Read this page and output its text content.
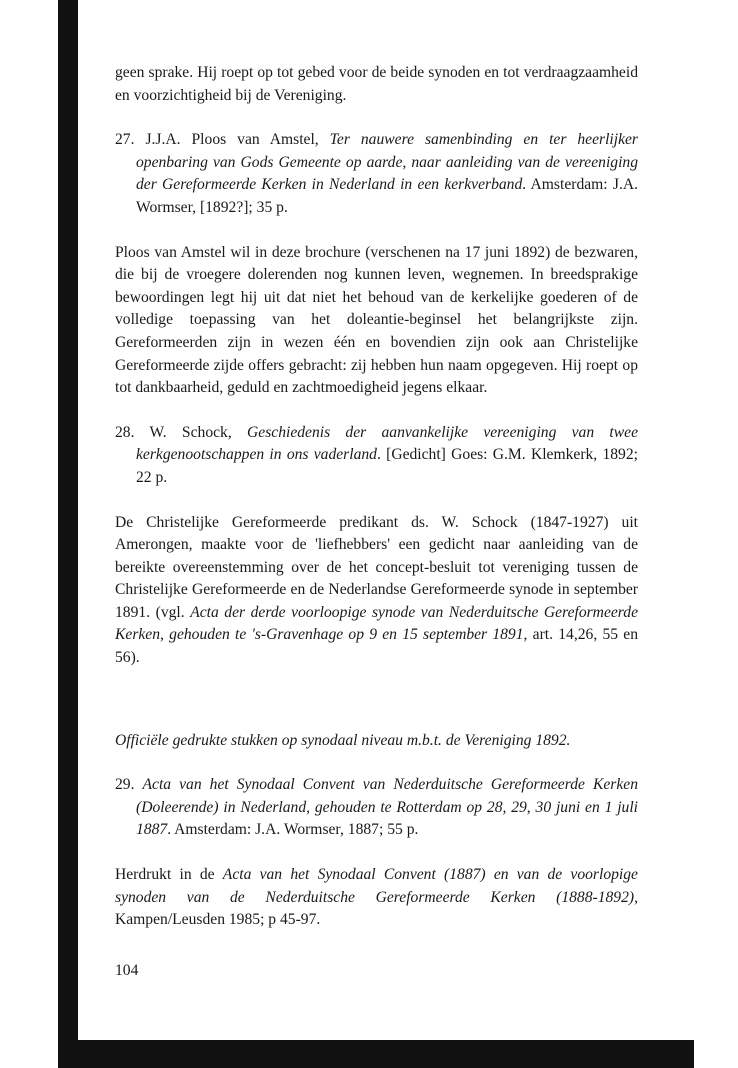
geen sprake. Hij roept op tot gebed voor de beide synoden en tot verdraagzaamheid en voorzichtigheid bij de Vereniging.

27. J.J.A. Ploos van Amstel, Ter nauwere samenbinding en ter heerlijker openbaring van Gods Gemeente op aarde, naar aanleiding van de vereeniging der Gereformeerde Kerken in Nederland in een kerkverband. Amsterdam: J.A. Wormser, [1892?]; 35 p.

Ploos van Amstel wil in deze brochure (verschenen na 17 juni 1892) de bezwaren, die bij de vroegere dolerenden nog kunnen leven, wegnemen. In breedsprakige bewoordingen legt hij uit dat niet het behoud van de kerkelijke goederen of de volledige toepassing van het doleantie-beginsel het belangrijkste zijn. Gereformeerden zijn in wezen één en bovendien zijn ook aan Christelijke Gereformeerde zijde offers gebracht: zij hebben hun naam opgegeven. Hij roept op tot dankbaarheid, geduld en zachtmoedigheid jegens elkaar.

28. W. Schock, Geschiedenis der aanvankelijke vereeniging van twee kerkgenootschappen in ons vaderland. [Gedicht] Goes: G.M. Klemkerk, 1892; 22 p.

De Christelijke Gereformeerde predikant ds. W. Schock (1847-1927) uit Amerongen, maakte voor de 'liefhebbers' een gedicht naar aanleiding van de bereikte overeenstemming over de het concept-besluit tot vereniging tussen de Christelijke Gereformeerde en de Nederlandse Gereformeerde synode in september 1891. (vgl. Acta der derde voorloopige synode van Nederduitsche Gereformeerde Kerken, gehouden te 's-Gravenhage op 9 en 15 september 1891, art. 14,26, 55 en 56).

Officiële gedrukte stukken op synodaal niveau m.b.t. de Vereniging 1892.

29. Acta van het Synodaal Convent van Nederduitsche Gereformeerde Kerken (Doleerende) in Nederland, gehouden te Rotterdam op 28, 29, 30 juni en 1 juli 1887. Amsterdam: J.A. Wormser, 1887; 55 p.

Herdrukt in de Acta van het Synodaal Convent (1887) en van de voorlopige synoden van de Nederduitsche Gereformeerde Kerken (1888-1892), Kampen/Leusden 1985; p 45-97.

104
